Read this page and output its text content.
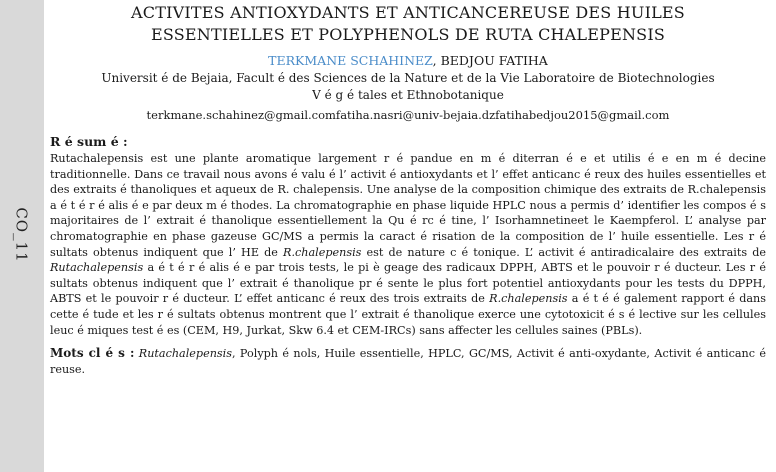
CO_11
ACTIVITES ANTIOXYDANTS ET ANTICANCEREUSE DES HUILES
ESSENTIELLES ET POLYPHENOLS DE RUTA CHALEPENSIS
TERKMANE SCHAHINEZ, BEDJOU FATIHA
Universit é de Bejaia, Facult é des Sciences de la Nature et de la Vie Laboratoire de Biotechnologies
V é g é tales et Ethnobotanique
terkmane.schahinez@gmail.comfatiha.nasri@univ-bejaia.dzfatihabedjou2015@gmail.com
R é sum é :
Rutachalepensis est une plante aromatique largement r é pandue en m é diterran é e et utilis é e en m é decine traditionnelle. Dans ce travail nous avons é valu é l’ activit é antioxydants et l’ effet anticanc é reux des huiles essentielles et des extraits é thanoliques et aqueux de R. chalepensis. Une analyse de la composition chimique des extraits de R.chalepensis a é t é r é alis é e par deux m é thodes. La chromatographie en phase liquide HPLC nous a permis d’ identifier les compos é s majoritaires de l’ extrait é thanolique essentiellement la Qu é rc é tine, l’ Isorhamnetineet le Kaempferol. L’ analyse par chromatographie en phase gazeuse GC/MS a permis la caract é risation de la composition de l’ huile essentielle. Les r é sultats obtenus indiquent que l’ HE de R.chalepensis est de nature c é tonique. L’ activit é antiradicalaire des extraits de Rutachalepensis a é t é r é alis é e par trois tests, le pi è geage des radicaux DPPH, ABTS et le pouvoir r é ducteur. Les r é sultats obtenus indiquent que l’ extrait é thanolique pr é sente le plus fort potentiel antioxydants pour les tests du DPPH, ABTS et le pouvoir r é ducteur. L’ effet anticanc é reux des trois extraits de R.chalepensis a é t é é galement rapport é dans cette é tude et les r é sultats obtenus montrent que l’ extrait é thanolique exerce une cytotoxicit é s é lective sur les cellules leuc é miques test é es (CEM, H9, Jurkat, Skw 6.4 et CEM-IRCs) sans affecter les cellules saines (PBLs).
Mots cl é s : Rutachalepensis, Polyph é nols, Huile essentielle, HPLC, GC/MS, Activit é anti-oxydante, Activit é anticanc é reuse.
